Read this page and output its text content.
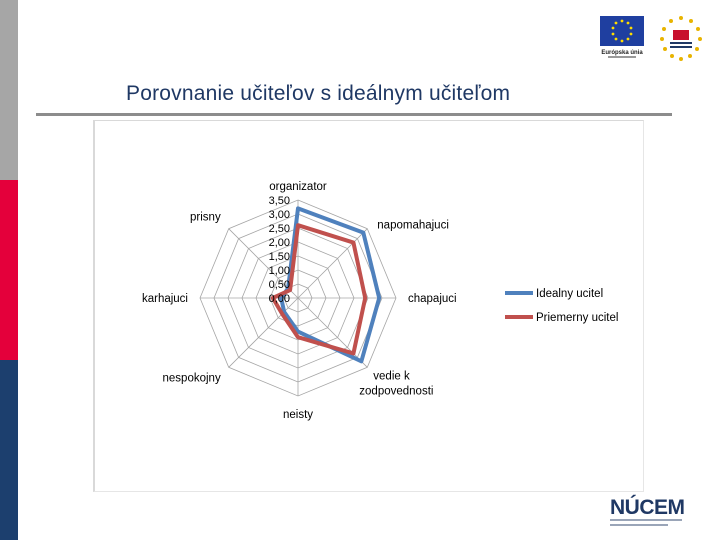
Európska únia
Porovnanie učiteľov s ideálnym učiteľom
0,00
0,50
1,00
1,50
2,00
2,50
3,00
3,50
organizator
napomahajuci
chapajuci
vedie k
zodpovednosti
neisty
nespokojny
karhajuci
prisny
Idealny ucitel
Priemerny ucitel
NÚCEM
